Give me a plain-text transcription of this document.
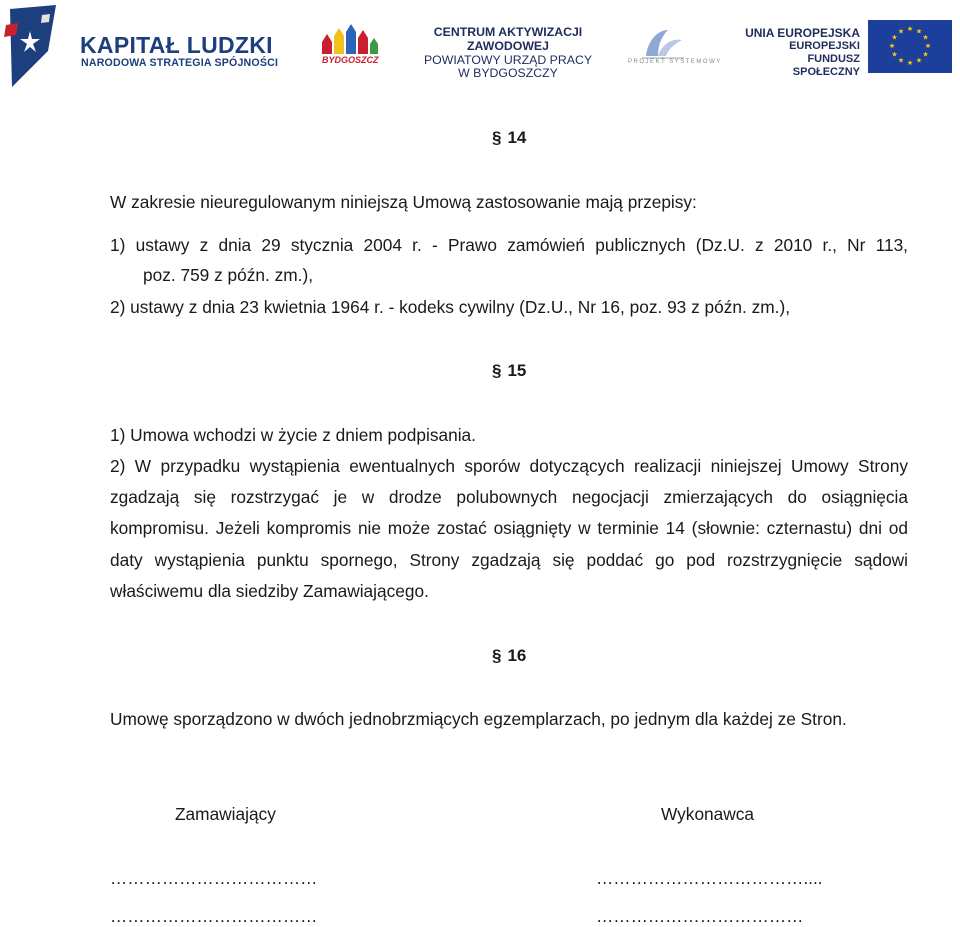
KAPITAŁ LUDZKI
NARODOWA STRATEGIA SPÓJNOŚCI	BYDGOSZCZ
CENTRUM AKTYWIZACJI ZAWODOWEJ
POWIATOWY URZĄD PRACY
W BYDGOSZCZY
PROJEKT SYSTEMOWY
UNIA EUROPEJSKA
EUROPEJSKI
FUNDUSZ SPOŁECZNY
★ ★
★
★
★
★
★
★
★
★
★
★
§ 14
W zakresie nieuregulowanym niniejszą Umową zastosowanie mają przepisy:
1) ustawy z dnia 29 stycznia 2004 r. - Prawo zamówień publicznych (Dz.U. z 2010 r., Nr 113,
poz. 759 z późn. zm.),
2) ustawy z dnia 23 kwietnia 1964 r. - kodeks cywilny (Dz.U., Nr 16, poz. 93 z późn. zm.),
§ 15
1) Umowa wchodzi w życie z dniem podpisania.
2) W przypadku wystąpienia ewentualnych sporów dotyczących realizacji niniejszej Umowy Strony zgadzają się rozstrzygać je w drodze polubownych negocjacji zmierzających do osiągnięcia kompromisu. Jeżeli kompromis nie może zostać osiągnięty w terminie 14 (słownie: czternastu) dni od daty wystąpienia punktu spornego, Strony zgadzają się poddać go pod rozstrzygnięcie sądowi właściwemu dla siedziby Zamawiającego.
§ 16
Umowę sporządzono w dwóch jednobrzmiących egzemplarzach, po jednym dla każdej ze Stron.
Zamawiający	Wykonawca
………………………………	………………………………....
………………………………	………………………………
